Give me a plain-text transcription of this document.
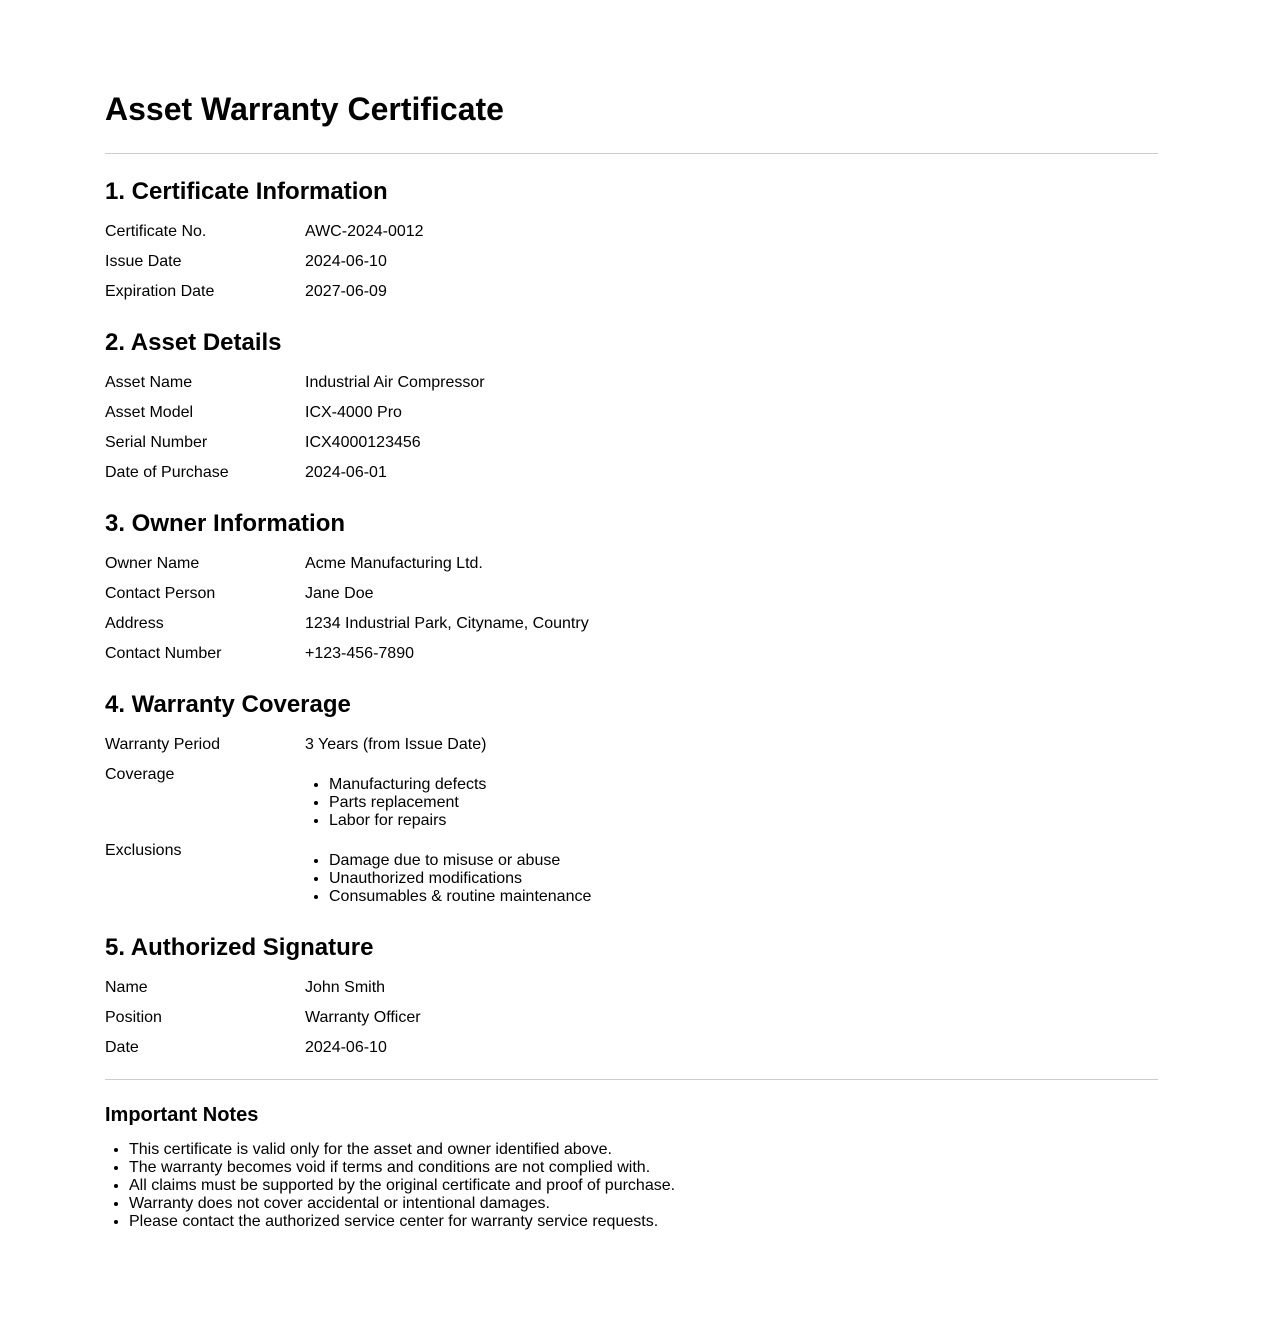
Asset Warranty Certificate
1. Certificate Information
Certificate No.	AWC-2024-0012
Issue Date	2024-06-10
Expiration Date	2027-06-09
2. Asset Details
Asset Name	Industrial Air Compressor
Asset Model	ICX-4000 Pro
Serial Number	ICX4000123456
Date of Purchase	2024-06-01
3. Owner Information
Owner Name	Acme Manufacturing Ltd.
Contact Person	Jane Doe
Address	1234 Industrial Park, Cityname, Country
Contact Number	+123-456-7890
4. Warranty Coverage
Warranty Period	3 Years (from Issue Date)
Coverage
• Manufacturing defects
• Parts replacement
• Labor for repairs
Exclusions
• Damage due to misuse or abuse
• Unauthorized modifications
• Consumables & routine maintenance
5. Authorized Signature
Name	John Smith
Position	Warranty Officer
Date	2024-06-10
Important Notes
• This certificate is valid only for the asset and owner identified above.
• The warranty becomes void if terms and conditions are not complied with.
• All claims must be supported by the original certificate and proof of purchase.
• Warranty does not cover accidental or intentional damages.
• Please contact the authorized service center for warranty service requests.
